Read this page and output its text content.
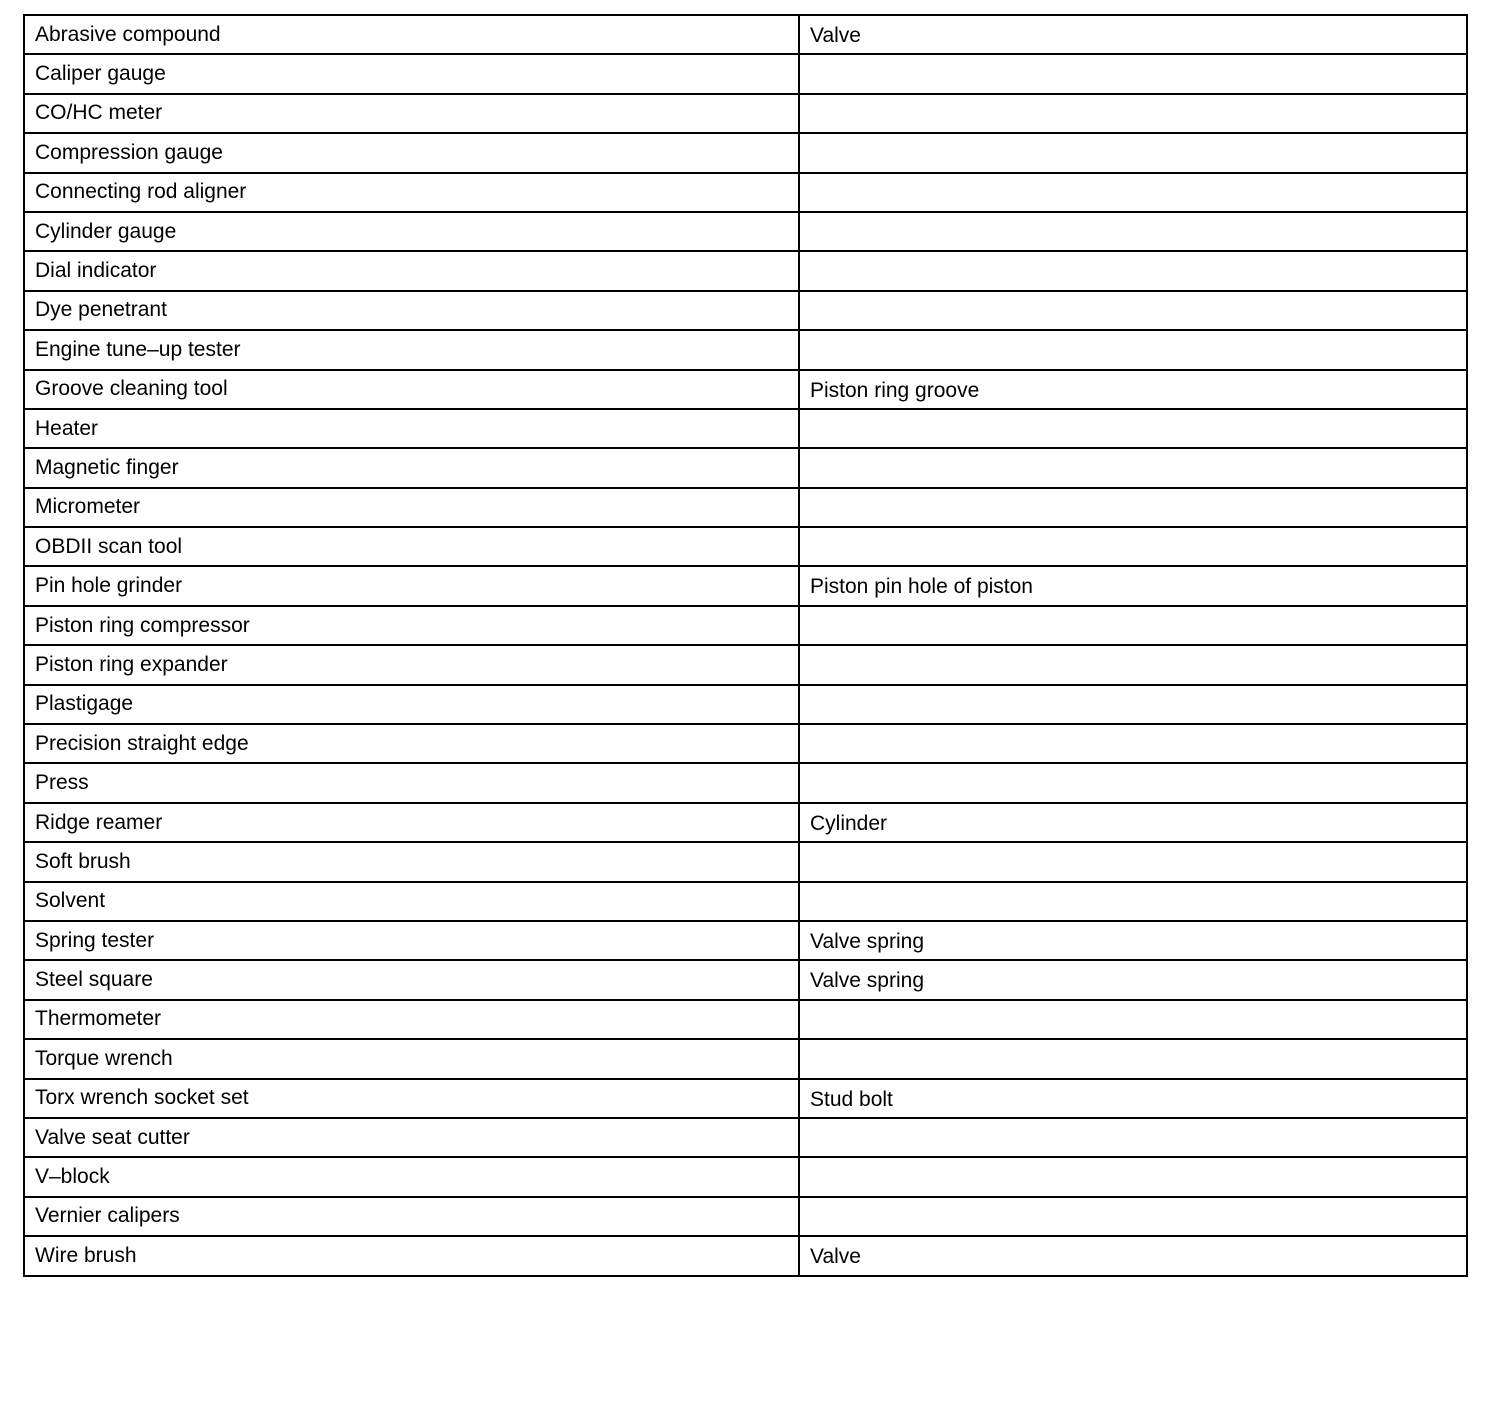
Abrasive compound	Valve
Caliper gauge	
CO/HC meter	
Compression gauge	
Connecting rod aligner	
Cylinder gauge	
Dial indicator	
Dye penetrant	
Engine tune–up tester	
Groove cleaning tool	Piston ring groove
Heater	
Magnetic finger	
Micrometer	
OBDII scan tool	
Pin hole grinder	Piston pin hole of piston
Piston ring compressor	
Piston ring expander	
Plastigage	
Precision straight edge	
Press	
Ridge reamer	Cylinder
Soft brush	
Solvent	
Spring tester	Valve spring
Steel square	Valve spring
Thermometer	
Torque wrench	
Torx wrench socket set	Stud bolt
Valve seat cutter	
V–block	
Vernier calipers	
Wire brush	Valve
